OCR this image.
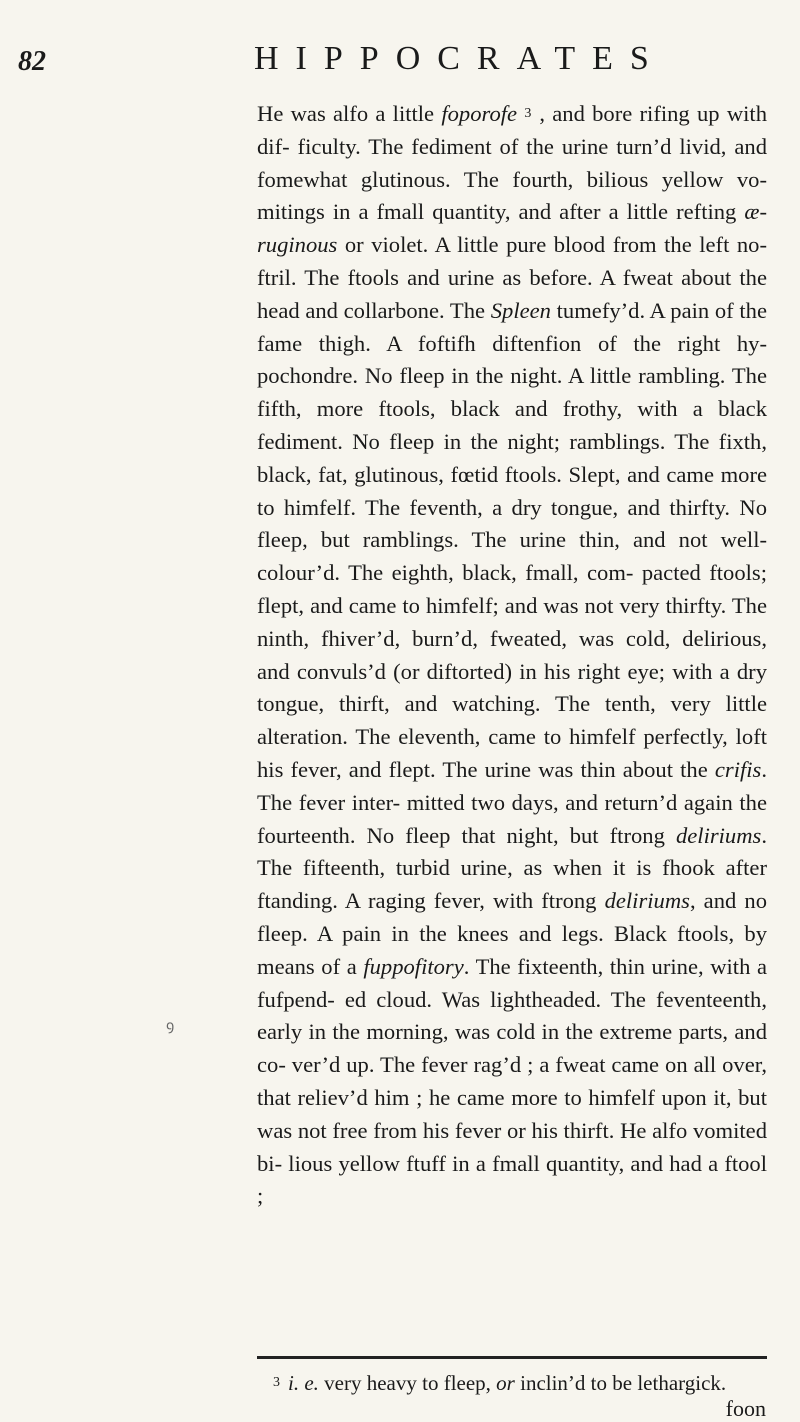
82	HIPPOCRATES

He was alfo a little foporofe $^3$ , and bore rifing up with dif- ficulty. The fediment of the urine turn’d livid, and fomewhat glutinous. The fourth, bilious yellow vo- mitings in a fmall quantity, and after a little refting æ- ruginous or violet. A little pure blood from the left no- ftril. The ftools and urine as before. A fweat about the head and collarbone. The Spleen tumefy’d. A pain of the fame thigh. A foftifh diftenfion of the right hy- pochondre. No fleep in the night. A little rambling. The fifth, more ftools, black and frothy, with a black fediment. No fleep in the night; ramblings. The fixth, black, fat, glutinous, fœtid ftools. Slept, and came more to himfelf. The feventh, a dry tongue, and thirfty. No fleep, but ramblings. The urine thin, and not well-colour’d. The eighth, black, fmall, com- pacted ftools; flept, and came to himfelf; and was not very thirfty. The ninth, fhiver’d, burn’d, fweated, was cold, delirious, and convuls’d (or diftorted) in his right eye; with a dry tongue, thirft, and watching. The tenth, very little alteration. The eleventh, came to himfelf perfectly, loft his fever, and flept. The urine was thin about the crifis. The fever inter- mitted two days, and return’d again the fourteenth. No fleep that night, but ftrong deliriums. The fifteenth, turbid urine, as when it is fhook after ftanding. A raging fever, with ftrong deliriums, and no fleep. A pain in the knees and legs. Black ftools, by means of a fuppofitory. The fixteenth, thin urine, with a fufpend- ed cloud. Was lightheaded. The feventeenth, early in the morning, was cold in the extreme parts, and co- ver’d up. The fever rag’d ; a fweat came on all over, that reliev’d him ; he came more to himfelf upon it, but was not free from his fever or his thirft. He alfo vomited bi- lious yellow ftuff in a fmall quantity, and had a ftool ;

ꝯ

$^3$ i. e. very heavy to fleep, or inclin’d to be lethargick.

foon
